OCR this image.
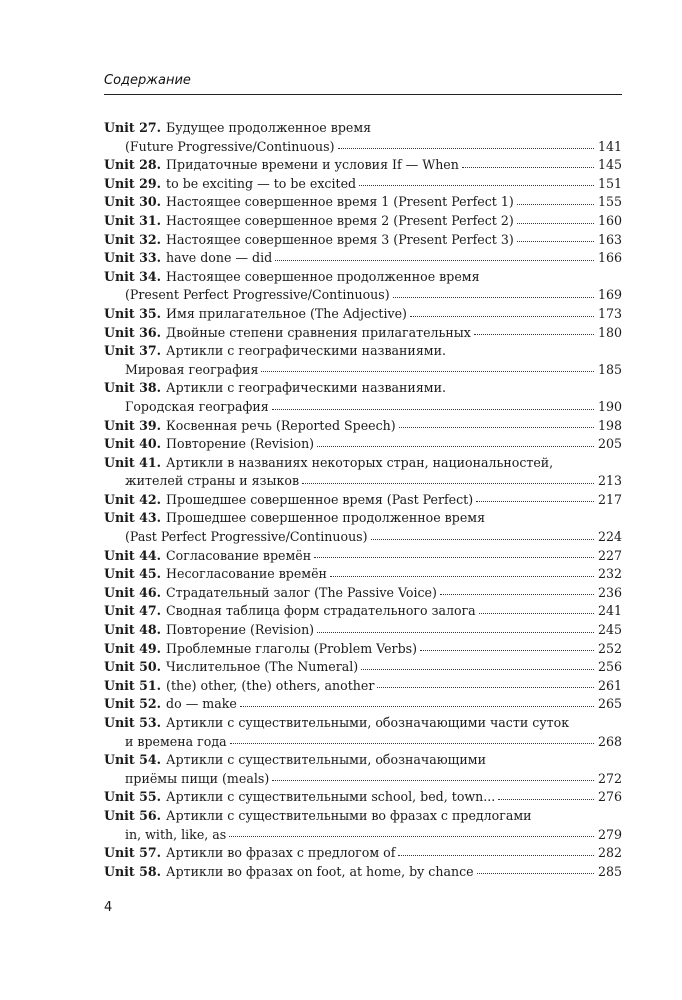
Содержание
Unit 27. Будущее продолженное время
(Future Progressive/Continuous)	141
Unit 28. Придаточные времени и условия If — When	145
Unit 29. to be exciting — to be excited	151
Unit 30. Настоящее совершенное время 1 (Present Perfect 1)	155
Unit 31. Настоящее совершенное время 2 (Present Perfect 2)	160
Unit 32. Настоящее совершенное время 3 (Present Perfect 3)	163
Unit 33. have done — did	166
Unit 34. Настоящее совершенное продолженное время
(Present Perfect Progressive/Continuous)	169
Unit 35. Имя прилагательное (The Adjective)	173
Unit 36. Двойные степени сравнения прилагательных	180
Unit 37. Артикли с географическими названиями.
Мировая география	185
Unit 38. Артикли с географическими названиями.
Городская география	190
Unit 39. Косвенная речь (Reported Speech)	198
Unit 40. Повторение (Revision)	205
Unit 41. Артикли в названиях некоторых стран, национальностей,
жителей страны и языков	213
Unit 42. Прошедшее совершенное время (Past Perfect)	217
Unit 43. Прошедшее совершенное продолженное время
(Past Perfect Progressive/Continuous)	224
Unit 44. Согласование времён	227
Unit 45. Несогласование времён	232
Unit 46. Страдательный залог (The Passive Voice)	236
Unit 47. Сводная таблица форм страдательного залога	241
Unit 48. Повторение (Revision)	245
Unit 49. Проблемные глаголы (Problem Verbs)	252
Unit 50. Числительное (The Numeral)	256
Unit 51. (the) other, (the) others, another	261
Unit 52. do — make	265
Unit 53. Артикли с существительными, обозначающими части суток
и времена года	268
Unit 54. Артикли с существительными, обозначающими
приёмы пищи (meals)	272
Unit 55. Артикли с существительными school, bed, town...	276
Unit 56. Артикли с существительными во фразах с предлогами
in, with, like, as	279
Unit 57. Артикли во фразах с предлогом of	282
Unit 58. Артикли во фразах on foot, at home, by chance	285
4
